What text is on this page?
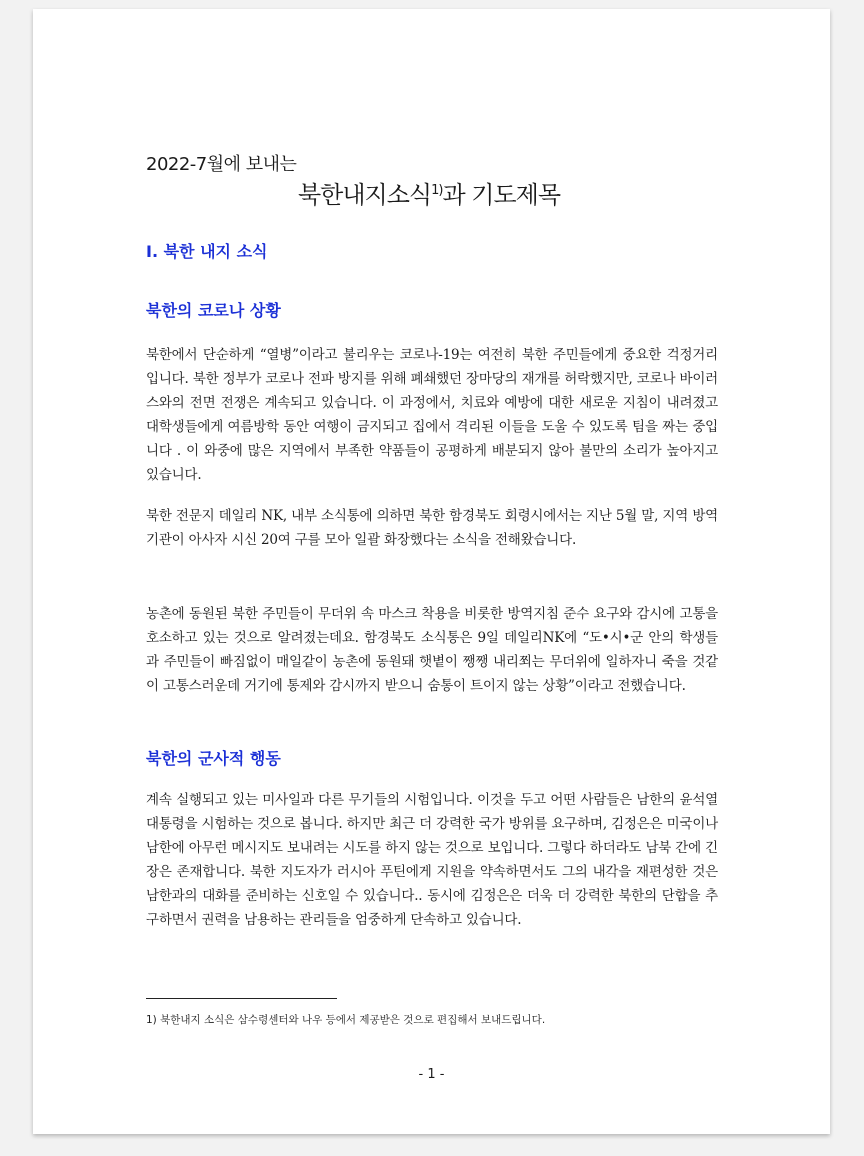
2022-7월에 보내는
북한내지소식$^{1)}$과 기도제목
Ⅰ. 북한 내지 소식
북한의 코로나 상황

북한에서 단순하게 “열병”이라고 불리우는 코로나-19는 여전히 북한 주민들에게 중요한 걱정거리입니다. 북한 정부가 코로나 전파 방지를 위해 폐쇄했던 장마당의 재개를 허락했지만, 코로나 바이러스와의 전면 전쟁은 계속되고 있습니다. 이 과정에서, 치료와 예방에 대한 새로운 지침이 내려졌고 대학생들에게 여름방학 동안 여행이 금지되고 집에서 격리된 이들을 도울 수 있도록 팀을 짜는 중입니다 . 이 와중에 많은 지역에서 부족한 약품들이 공평하게 배분되지 않아 불만의 소리가 높아지고 있습니다.

북한 전문지 데일리 NK, 내부 소식통에 의하면 북한 함경북도 회령시에서는 지난 5월 말, 지역 방역기관이 아사자 시신 20여 구를 모아 일괄 화장했다는 소식을 전해왔습니다.

농촌에 동원된 북한 주민들이 무더위 속 마스크 착용을 비롯한 방역지침 준수 요구와 감시에 고통을 호소하고 있는 것으로 알려졌는데요. 함경북도 소식통은 9일 데일리NK에 “도•시•군 안의 학생들과 주민들이 빠짐없이 매일같이 농촌에 동원돼 햇볕이 쨍쨍 내리쬐는 무더위에 일하자니 죽을 것같이 고통스러운데 거기에 통제와 감시까지 받으니 숨통이 트이지 않는 상황”이라고 전했습니다.

북한의 군사적 행동

계속 실행되고 있는 미사일과 다른 무기들의 시험입니다. 이것을 두고 어떤 사람들은 남한의 윤석열 대통령을 시험하는 것으로 봅니다. 하지만 최근 더 강력한 국가 방위를 요구하며, 김정은은 미국이나 남한에 아무런 메시지도 보내려는 시도를 하지 않는 것으로 보입니다. 그렇다 하더라도 남북 간에 긴장은 존재합니다. 북한 지도자가 러시아 푸틴에게 지원을 약속하면서도 그의 내각을 재편성한 것은 남한과의 대화를 준비하는 신호일 수 있습니다.. 동시에 김정은은 더욱 더 강력한 북한의 단합을 추구하면서 권력을 남용하는 관리들을 엄중하게 단속하고 있습니다.

1) 북한내지 소식은 삼수령센터와 나우 등에서 제공받은 것으로 편집해서 보내드립니다.
- 1 -
